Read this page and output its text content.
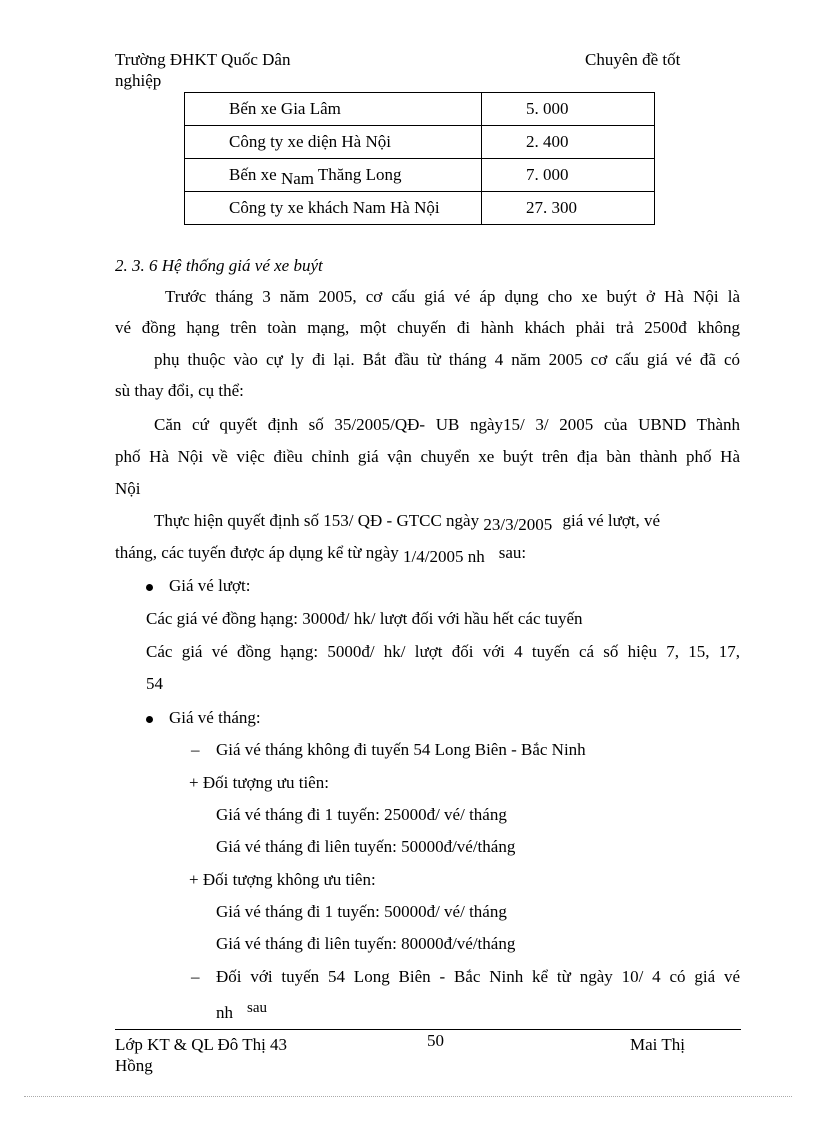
Trường ĐHKT Quốc Dân
nghiệp
Chuyên đề tốt
Bến xe Gia Lâm	5. 000
Công ty xe diện Hà Nội	2. 400
Bến xe Nam Thăng Long	7. 000
Công ty xe khách Nam Hà Nội	27. 300
2. 3. 6 Hệ thống giá vé xe buýt
Trước tháng 3 năm 2005, cơ cấu giá vé áp dụng cho xe buýt ở Hà Nội là
vé đồng hạng trên toàn mạng, một chuyến đi hành khách phải trả 2500đ không
phụ thuộc vào cự ly đi lại. Bắt đầu từ tháng 4 năm 2005 cơ cấu giá vé đã có
sù thay đổi, cụ thể:
Căn cứ quyết định số 35/2005/QĐ- UB ngày15/ 3/ 2005 của UBND Thành
phố Hà Nội về việc điều chỉnh giá vận chuyển xe buýt trên địa bàn thành phố Hà
Nội
Thực hiện quyết định số 153/ QĐ - GTCC ngày 23/3/2005 giá vé lượt, vé
tháng, các tuyến được áp dụng kể từ ngày 1/4/2005 nh sau:
Giá vé lượt:
Các giá vé đồng hạng: 3000đ/ hk/ lượt đối với hầu hết các tuyến
Các giá vé đồng hạng: 5000đ/ hk/ lượt đối với 4 tuyến cá số hiệu 7, 15, 17,
54
Giá vé tháng:
– Giá vé tháng không đi tuyến 54 Long Biên - Bắc Ninh
+ Đối tượng ưu tiên:
Giá vé tháng đi 1 tuyến: 25000đ/ vé/ tháng
Giá vé tháng đi liên tuyến: 50000đ/vé/tháng
+ Đối tượng không ưu tiên:
Giá vé tháng đi 1 tuyến: 50000đ/ vé/ tháng
Giá vé tháng đi liên tuyến: 80000đ/vé/tháng
– Đối với tuyến 54 Long Biên - Bắc Ninh kể từ ngày 10/ 4 có giá vé
nh sau
Lớp KT & QL Đô Thị 43
Hồng
50	Mai Thị
